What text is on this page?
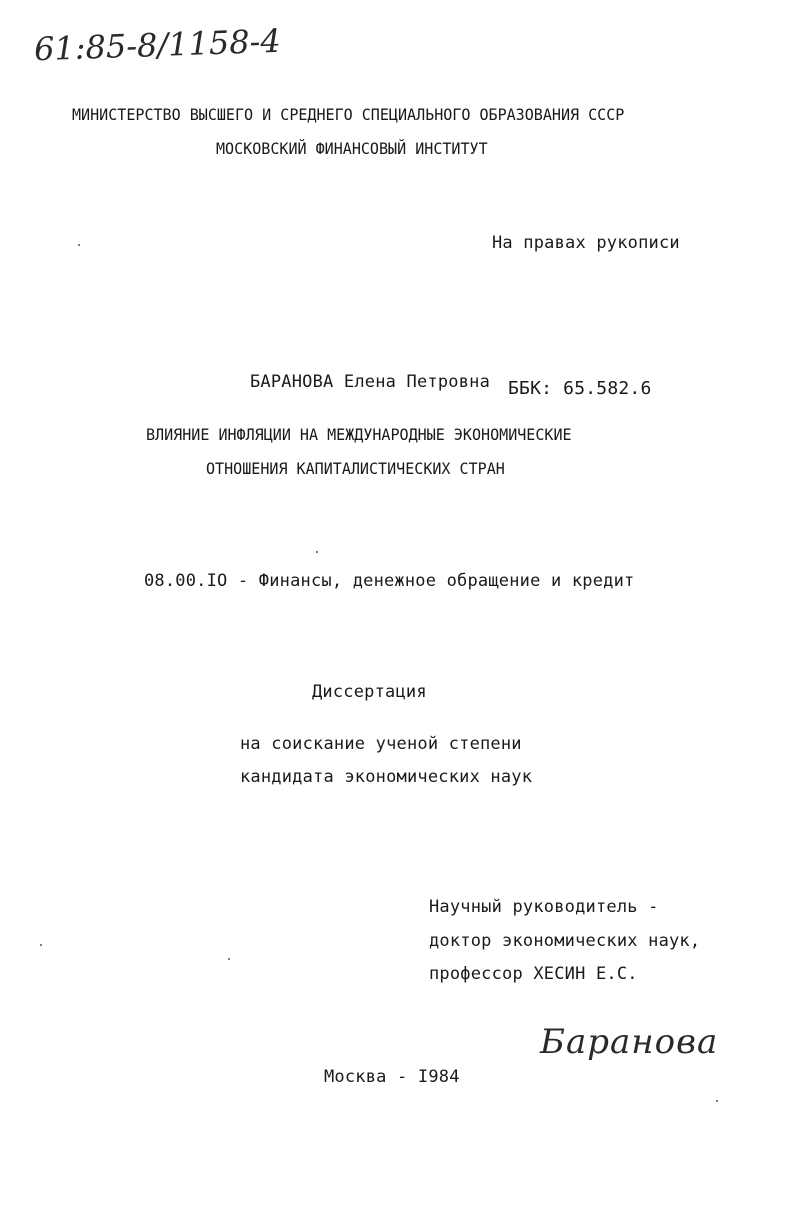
61:85-8/1158-4
МИНИСТЕРСТВО ВЫСШЕГО И СРЕДНЕГО СПЕЦИАЛЬНОГО ОБРАЗОВАНИЯ СССР
МОСКОВСКИЙ ФИНАНСОВЫЙ ИНСТИТУТ
На правах рукописи
БАРАНОВА Елена Петровна ББК: 65.582.6
ВЛИЯНИЕ ИНФЛЯЦИИ НА МЕЖДУНАРОДНЫЕ ЭКОНОМИЧЕСКИЕ
ОТНОШЕНИЯ КАПИТАЛИСТИЧЕСКИХ СТРАН
08.00.IO - Финансы, денежное обращение и кредит
Диссертация
на соискание ученой степени
кандидата экономических наук
Научный руководитель -
доктор экономических наук,
профессор ХЕСИН Е.С.
Баранова
Москва - I984
